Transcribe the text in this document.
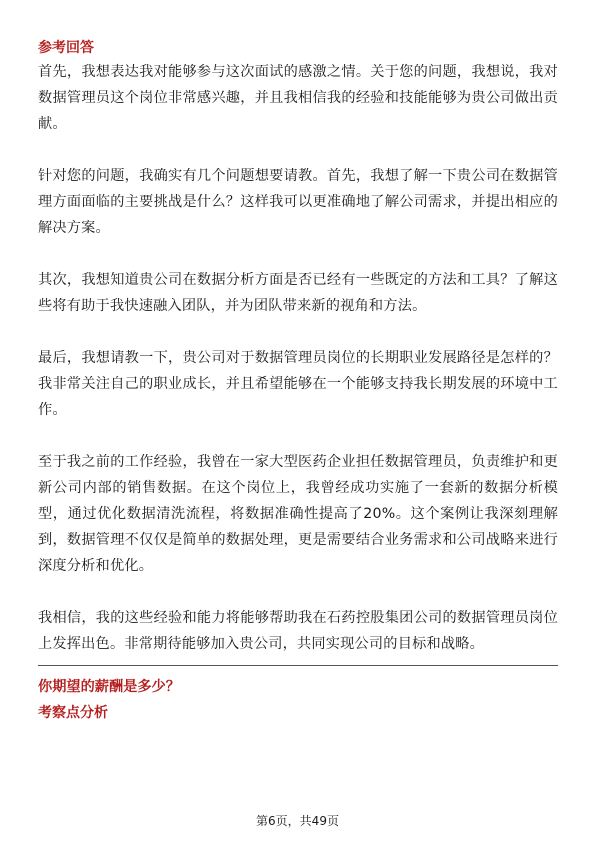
参考回答

首先，我想表达我对能够参与这次面试的感激之情。关于您的问题，我想说，我对数据管理员这个岗位非常感兴趣，并且我相信我的经验和技能能够为贵公司做出贡献。

针对您的问题，我确实有几个问题想要请教。首先，我想了解一下贵公司在数据管理方面面临的主要挑战是什么？这样我可以更准确地了解公司需求，并提出相应的解决方案。

其次，我想知道贵公司在数据分析方面是否已经有一些既定的方法和工具？了解这些将有助于我快速融入团队，并为团队带来新的视角和方法。

最后，我想请教一下，贵公司对于数据管理员岗位的长期职业发展路径是怎样的？我非常关注自己的职业成长，并且希望能够在一个能够支持我长期发展的环境中工作。

至于我之前的工作经验，我曾在一家大型医药企业担任数据管理员，负责维护和更新公司内部的销售数据。在这个岗位上，我曾经成功实施了一套新的数据分析模型，通过优化数据清洗流程，将数据准确性提高了20%。这个案例让我深刻理解到，数据管理不仅仅是简单的数据处理，更是需要结合业务需求和公司战略来进行深度分析和优化。

我相信，我的这些经验和能力将能够帮助我在石药控股集团公司的数据管理员岗位上发挥出色。非常期待能够加入贵公司，共同实现公司的目标和战略。

你期望的薪酬是多少？

考察点分析

第6页，共49页
